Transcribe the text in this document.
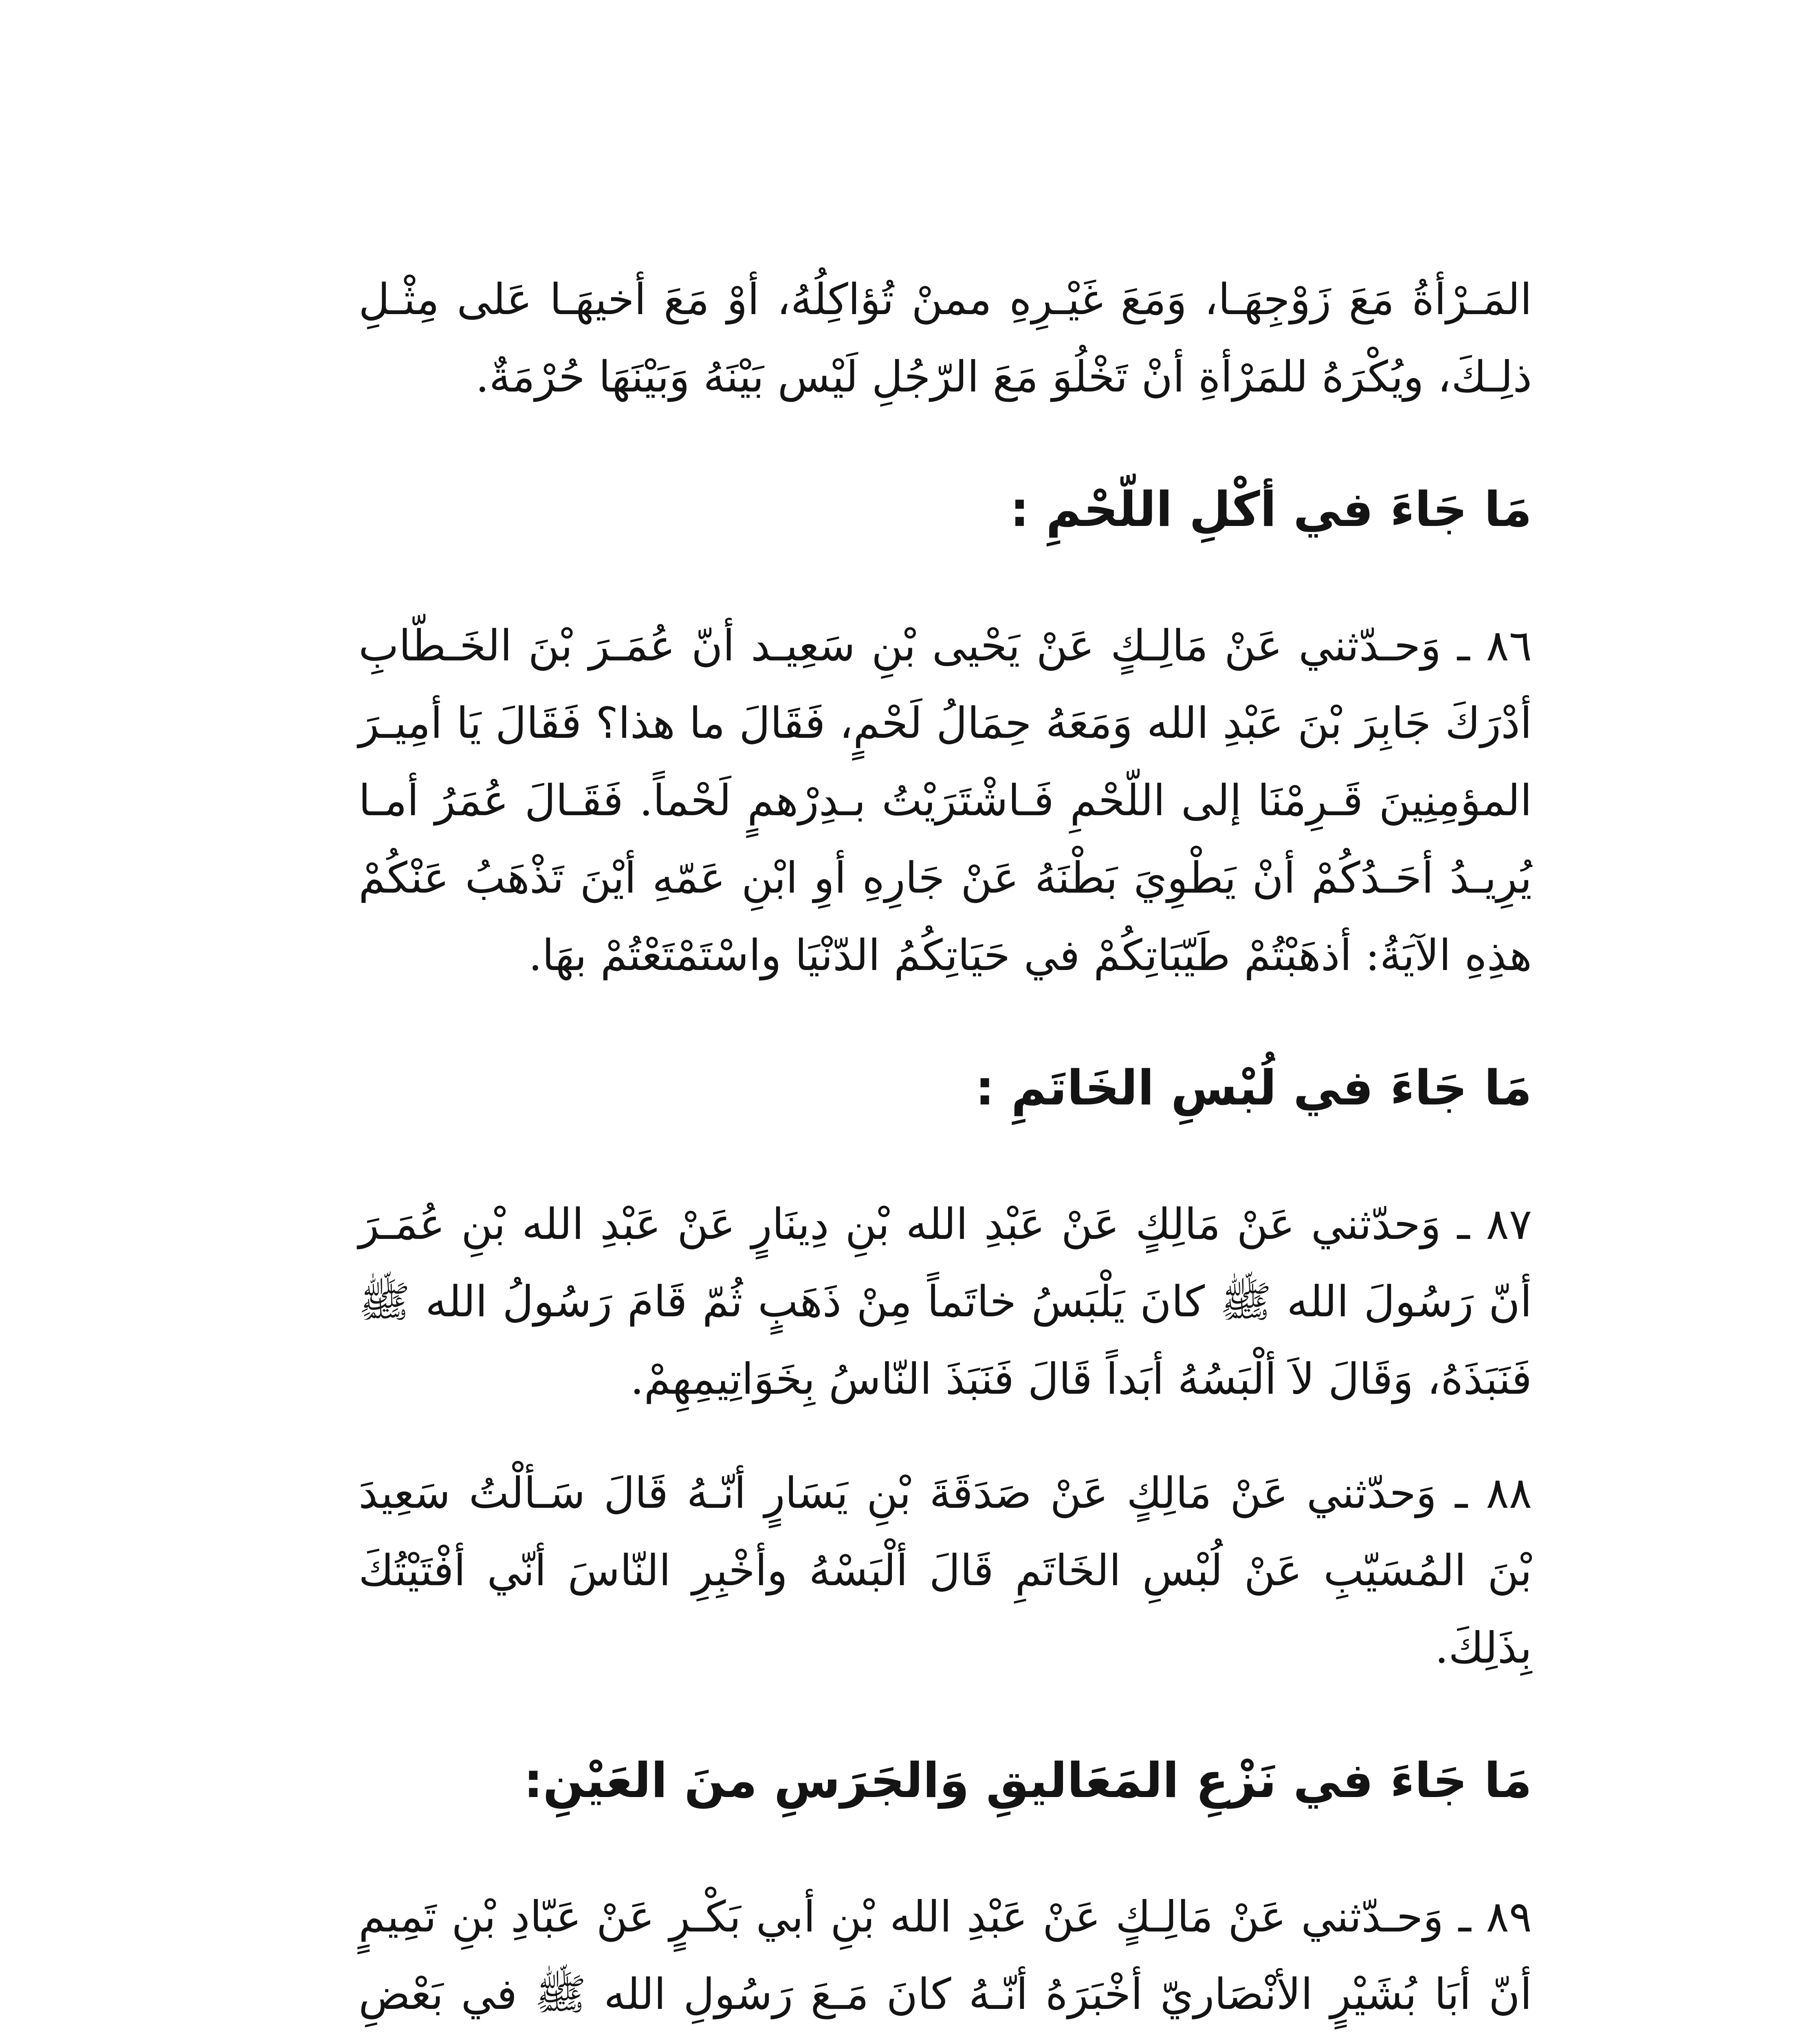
المَـرْأةُ مَعَ زَوْجِهَـا، وَمَعَ غَيْـرِهِ ممنْ تُؤاكِلُهُ، أوْ مَعَ أخيهَـا عَلى مِثْـلِ ذلِـكَ، ويُكْرَهُ للمَرْأةِ أنْ تَخْلُوَ مَعَ الرّجُلِ لَيْس بَيْنَهُ وَبَيْنَهَا حُرْمَةٌ.

مَا جَاءَ في أكْلِ اللّحْمِ :

٨٦ ـ وَحـدّثني عَنْ مَالِـكٍ عَنْ يَحْيى بْنِ سَعِيـد أنّ عُمَـرَ بْنَ الخَـطّابِ أدْرَكَ جَابِرَ بْنَ عَبْدِ الله وَمَعَهُ حِمَالُ لَحْمٍ، فَقَالَ ما هذا؟ فَقَالَ يَا أمِيـرَ المؤمِنِينَ قَـرِمْنَا إلى اللّحْمِ فَـاشْتَرَيْتُ بـدِرْهمٍ لَحْماً. فَقَـالَ عُمَرُ أمـا يُرِيـدُ أحَـدُكُمْ أنْ يَطْوِيَ بَطْنَهُ عَنْ جَارِهِ أوِ ابْنِ عَمّهِ أيْنَ تَذْهَبُ عَنْكُمْ هذِهِ الآيَةُ: أذهَبْتُمْ طَيّبَاتِكُمْ في حَيَاتِكُمُ الدّنْيَا واسْتَمْتَعْتُمْ بهَا.

مَا جَاءَ في لُبْسِ الخَاتَمِ :

٨٧ ـ وَحدّثني عَنْ مَالِكٍ عَنْ عَبْدِ الله بْنِ دِينَارٍ عَنْ عَبْدِ الله بْنِ عُمَـرَ أنّ رَسُولَ الله ﷺ كانَ يَلْبَسُ خاتَماً مِنْ ذَهَبٍ ثُمّ قَامَ رَسُولُ الله ﷺ فَنَبَذَهُ، وَقَالَ لاَ ألْبَسُهُ أبَداً قَالَ فَنَبَذَ النّاسُ بِخَوَاتِيمِهِمْ.

٨٨ ـ وَحدّثني عَنْ مَالِكٍ عَنْ صَدَقَةَ بْنِ يَسَارٍ أنّـهُ قَالَ سَـألْتُ سَعِيدَ بْنَ المُسَيّبِ عَنْ لُبْسِ الخَاتَمِ قَالَ ألْبَسْهُ وأخْبِرِ النّاسَ أنّي أفْتَيْتُكَ بِذَلِكَ.

مَا جَاءَ في نَزْعِ المَعَاليقِ وَالجَرَسِ منَ العَيْنِ:

٨٩ ـ وَحـدّثني عَنْ مَالِـكٍ عَنْ عَبْدِ الله بْنِ أبي بَكْـرٍ عَنْ عَبّادِ بْنِ تَمِيمٍ أنّ أبَا بُشَيْرٍ الأنْصَاريّ أخْبَرَهُ أنّـهُ كانَ مَـعَ رَسُولِ الله ﷺ في بَعْضِ
